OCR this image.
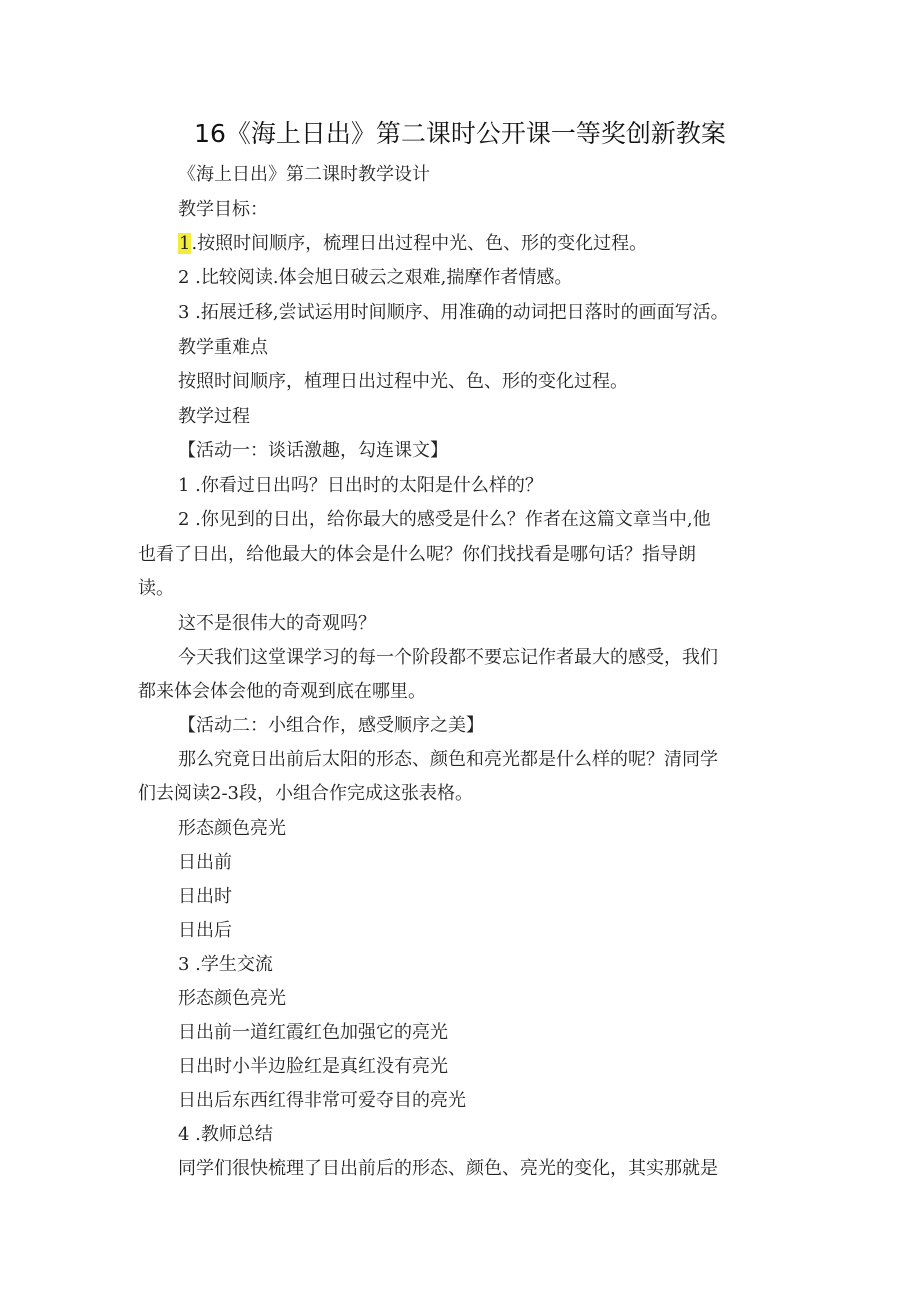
16《海上日出》第二课时公开课一等奖创新教案
《海上日出》第二课时教学设计
教学目标：
1.按照时间顺序，梳理日出过程中光、色、形的变化过程。
2 .比较阅读.体会旭日破云之艰难,揣摩作者情感。
3 .拓展迁移,尝试运用时间顺序、用准确的动词把日落时的画面写活。
教学重难点
按照时间顺序，植理日出过程中光、色、形的变化过程。
教学过程
【活动一：谈话激趣，勾连课文】
1 .你看过日出吗？日出时的太阳是什么样的？
2 .你见到的日出，给你最大的感受是什么？作者在这篇文章当中,他
也看了日出，给他最大的体会是什么呢？你们找找看是哪句话？指导朗
读。
这不是很伟大的奇观吗？
今天我们这堂课学习的每一个阶段都不要忘记作者最大的感受，我们
都来体会体会他的奇观到底在哪里。
【活动二：小组合作，感受顺序之美】
那么究竟日出前后太阳的形态、颜色和亮光都是什么样的呢？清同学
们去阅读2-3段，小组合作完成这张表格。
形态颜色亮光
日出前
日出时
日出后
3 .学生交流
形态颜色亮光
日出前一道红霞红色加强它的亮光
日出时小半边脸红是真红没有亮光
日出后东西红得非常可爱夺目的亮光
4 .教师总结
同学们很快梳理了日出前后的形态、颜色、亮光的变化，其实那就是
